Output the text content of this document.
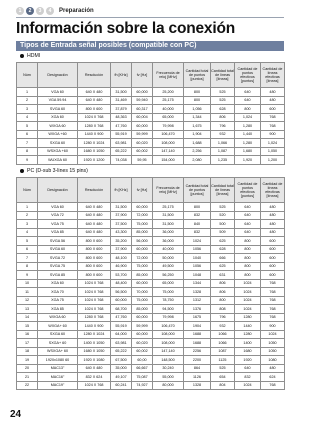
1	2	3	4	Preparación
Información sobre la conexión
Tipos de Entrada señal posibles (compatible con PC)
HDMI
Núm	Designación	Resolución	fh [KHz]	fv [Hz]	Frecuencia de reloj [MHz]	Cantidad total de puntos [puntos]	Cantidad total de líneas [líneas]	Cantidad de puntos efectivos [puntos]	Cantidad de líneas efectivas [líneas]
1	VGA 60	640 X 480	31,500	60,000	25,200	800	525	640	480
2	VGA 59.94	640 X 480	31,469	59,940	25,175	800	525	640	480
3	SVGA 60	800 X 600	37,879	60,317	40,000	1,056	628	800	600
4	XGA 60	1024 X 768	48,363	60,004	65,000	1,344	806	1,024	768
5	WXGA 60	1280 X 768	47,760	60,000	79,998	1,675	796	1,280	768
6	WXGA +60	1440 X 900	55,919	59,999	106,470	1,904	932	1,440	900
7	SXGA 60	1280 X 1024	63,981	60,020	108,000	1,688	1,066	1,280	1,024
8	WSXGA +60	1680 X 1050	65,222	60,002	147,140	2,256	1,087	1,680	1,050
9	WUXGA 60	1920 X 1200	74,038	59,95	154,000	2,080	1,235	1,920	1,200
PC (D-sub 3-lines 15 pins)
Núm	Designación	Resolución	fh [KHz]	fv [Hz]	Frecuencia de reloj [MHz]	Cantidad total de puntos [puntos]	Cantidad total de líneas [líneas]	Cantidad de puntos efectivos [puntos]	Cantidad de líneas efectivas [líneas]
1	VGA 60	640 X 480	31,500	60,000	25,175	800	525	640	480
2	VGA 72	640 X 480	37,900	72,000	31,500	832	520	640	480
3	VGA 75	640 X 480	37,500	75,000	31,500	840	500	640	480
4	VGA 85	640 X 480	43,300	85,000	36,000	832	509	640	480
5	SVGA 56	800 X 600	35,200	56,000	36,000	1024	625	800	600
6	SVGA 60	800 X 600	37,900	60,000	40,000	1056	628	800	600
7	SVGA 72	800 X 600	48,100	72,000	50,000	1040	666	800	600
8	SVGA 75	800 X 600	46,900	75,000	49,500	1056	625	800	600
9	SVGA 85	800 X 600	53,700	85,000	56,250	1048	631	800	600
10	XGA 60	1024 X 768	48,400	60,000	65,000	1344	806	1024	768
11	XGA 70	1024 X 768	56,500	70,000	75,000	1328	806	1024	768
12	XGA 75	1024 X 768	60,000	75,000	78,750	1312	800	1024	768
13	XGA 85	1024 X 768	68,700	85,000	94,500	1376	808	1024	768
14	WXGA 60	1280 X 768	47,760	60,000	79,998	1675	796	1280	768
15	WXGA+ 60	1440 X 900	55,919	59,999	106,470	1904	932	1440	900
16	SXGA 60	1280 X 1024	64,000	60,000	108,000	1688	1066	1280	1024
17	SXGA+ 60	1400 X 1050	63,981	60,020	108,000	1688	1066	1400	1050
18	WSXGA+ 60	1680 X 1050	65,222	60,002	147,140	2256	1087	1680	1050
19	1920x1080 60	1920 X 1080	67,500	60,00	148,500	2200	1125	1920	1080
20	MAC13"	640 X 480	35,000	66,667	30,240	864	525	640	480
21	MAC16"	832 X 624	49,107	75,087	55,000	1126	654	832	624
22	MAC19"	1024 X 768	60,241	74,927	80,000	1328	804	1024	768
24
